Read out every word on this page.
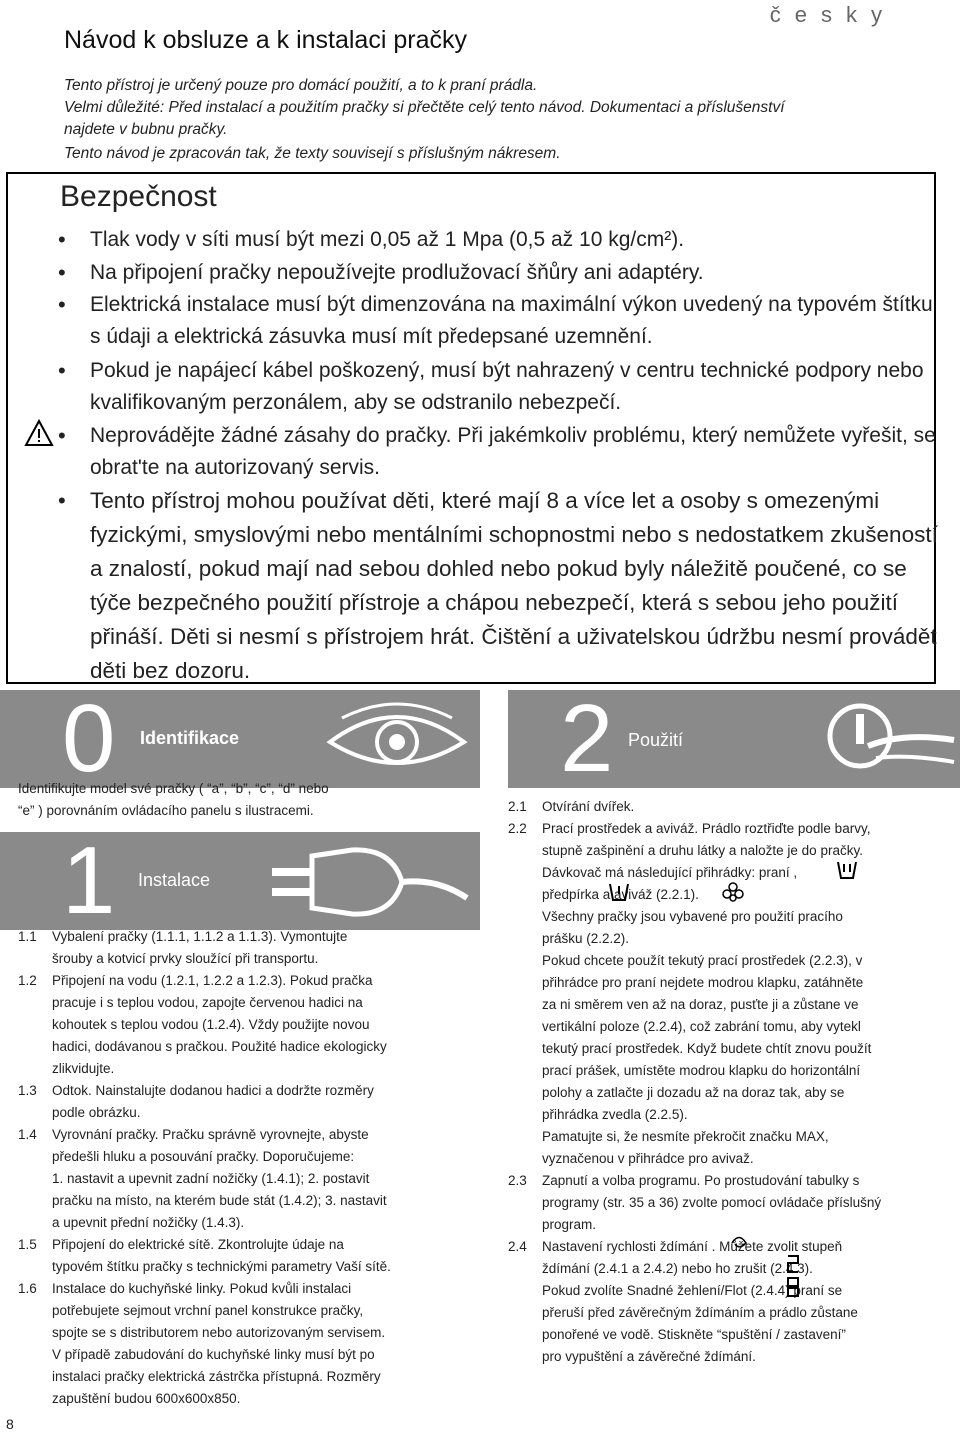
česky
Návod k obsluze a k instalaci pračky
Tento přístroj je určený pouze pro domácí použití, a to k praní prádla.
Velmi důležité: Před instalací a použitím pračky si přečtěte celý tento návod. Dokumentaci a příslušenství
najdete v bubnu pračky.
Tento návod je zpracován tak, že texty souvisejí s příslušným nákresem.
Bezpečnost
• Tlak vody v síti musí být mezi 0,05 až 1 Mpa (0,5 až 10 kg/cm²).
• Na připojení pračky nepoužívejte prodlužovací šňůry ani adaptéry.
• Elektrická instalace musí být dimenzována na maximální výkon uvedený na typovém štítku s údaji a elektrická zásuvka musí mít předepsané uzemnění.
• Pokud je napájecí kábel poškozený, musí být nahrazený v centru technické podpory nebo kvalifikovaným perzonálem, aby se odstranilo nebezpečí.
• Neprovádějte žádné zásahy do pračky. Při jakémkoliv problému, který nemůžete vyřešit, se obrat'te na autorizovaný servis.
• Tento přístroj mohou používat děti, které mají 8 a více let a osoby s omezenými fyzickými, smyslovými nebo mentálními schopnostmi nebo s nedostatkem zkušeností a znalostí, pokud mají nad sebou dohled nebo pokud byly náležitě poučené, co se týče bezpečného použití přístroje a chápou nebezpečí, která s sebou jeho použití přináší. Děti si nesmí s přístrojem hrát. Čištění a uživatelskou údržbu nesmí provádět děti bez dozoru.
0 Identifikace
Identifikujte model své pračky ( “a”, “b”, “c”, “d” nebo
“e” ) porovnáním ovládacího panelu s ilustracemi.
1 Instalace
1.1 Vybalení pračky (1.1.1, 1.1.2 a 1.1.3). Vymontujte
šrouby a kotvicí prvky sloužící při transportu.
1.2 Připojení na vodu (1.2.1, 1.2.2 a 1.2.3). Pokud pračka
pracuje i s teplou vodou, zapojte červenou hadici na
kohoutek s teplou vodou (1.2.4). Vždy použijte novou
hadici, dodávanou s pračkou. Použité hadice ekologicky
zlikvidujte.
1.3 Odtok. Nainstalujte dodanou hadici a dodržte rozměry
podle obrázku.
1.4 Vyrovnání pračky. Pračku správně vyrovnejte, abyste
předešli hluku a posouvání pračky. Doporučujeme:
1. nastavit a upevnit zadní nožičky (1.4.1); 2. postavit
pračku na místo, na kterém bude stát (1.4.2); 3. nastavit
a upevnit přední nožičky (1.4.3).
1.5 Připojení do elektrické sítě. Zkontrolujte údaje na
typovém štítku pračky s technickými parametry Vaší sítě.
1.6 Instalace do kuchyňské linky. Pokud kvůli instalaci
potřebujete sejmout vrchní panel konstrukce pračky,
spojte se s distributorem nebo autorizovaným servisem.
V případě zabudování do kuchyňské linky musí být po
instalaci pračky elektrická zástrčka přístupná. Rozměry
zapuštění budou 600x600x850.
2 Použití
2.1 Otvírání dvířek.
2.2 Prací prostředek a aviváž. Prádlo roztřiďte podle barvy,
stupně zašpinění a druhu látky a naložte je do pračky.
Dávkovač má následující přihrádky: praní ,
předpírka a aviváž (2.2.1).
Všechny pračky jsou vybavené pro použití pracího
prášku (2.2.2).
Pokud chcete použít tekutý prací prostředek (2.2.3), v
přihrádce pro praní nejdete modrou klapku, zatáhněte
za ni směrem ven až na doraz, pusťte ji a zůstane ve
vertikální poloze (2.2.4), což zabrání tomu, aby vytekl
tekutý prací prostředek. Když budete chtít znovu použít
prací prášek, umístěte modrou klapku do horizontální
polohy a zatlačte ji dozadu až na doraz tak, aby se
přihrádka zvedla (2.2.5).
Pamatujte si, že nesmíte překročit značku MAX,
vyznačenou v přihrádce pro avivaž.
2.3 Zapnutí a volba programu. Po prostudování tabulky s
programy (str. 35 a 36) zvolte pomocí ovládače příslušný
program.
2.4 Nastavení rychlosti ždímání . Můžete zvolit stupeň
ždímání (2.4.1 a 2.4.2) nebo ho zrušit (2.4.3).
Pokud zvolíte Snadné žehlení/Flot (2.4.4) praní se
přeruší před závěrečným ždímáním a prádlo zůstane
ponořené ve vodě. Stiskněte “spuštění / zastavení”
pro vypuštění a závěrečné ždímání.
8
